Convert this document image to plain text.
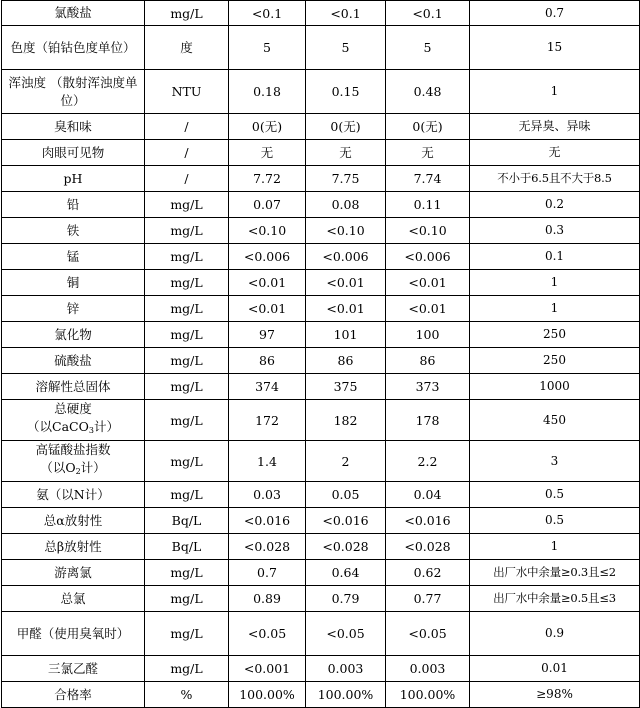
氯酸盐	mg/L	<0.1	<0.1	<0.1	0.7
色度（铂钴色度单位）	度	5	5	5	15
浑浊度 （散射浑浊度单位）	NTU	0.18	0.15	0.48	1
臭和味	/	0(无)	0(无)	0(无)	无异臭、异味
肉眼可见物	/	无	无	无	无
pH	/	7.72	7.75	7.74	不小于6.5且不大于8.5
铅	mg/L	0.07	0.08	0.11	0.2
铁	mg/L	<0.10	<0.10	<0.10	0.3
锰	mg/L	<0.006	<0.006	<0.006	0.1
铜	mg/L	<0.01	<0.01	<0.01	1
锌	mg/L	<0.01	<0.01	<0.01	1
氯化物	mg/L	97	101	100	250
硫酸盐	mg/L	86	86	86	250
溶解性总固体	mg/L	374	375	373	1000

总硬度
（以CaCO$_3$计）	mg/L	172	182	178	450

高锰酸盐指数
（以$O_2$计）	mg/L	1.4	2	2.2	3
氨（以N计）	mg/L	0.03	0.05	0.04	0.5
总α放射性	Bq/L	<0.016	<0.016	<0.016	0.5
总β放射性	Bq/L	<0.028	<0.028	<0.028	1
游离氯	mg/L	0.7	0.64	0.62	出厂水中余量≥0.3且≤2
总氯	mg/L	0.89	0.79	0.77	出厂水中余量≥0.5且≤3
甲醛（使用臭氧时）	mg/L	<0.05	<0.05	<0.05	0.9
三氯乙醛	mg/L	<0.001	0.003	0.003	0.01
合格率	%	100.00%	100.00%	100.00%	≥98%
